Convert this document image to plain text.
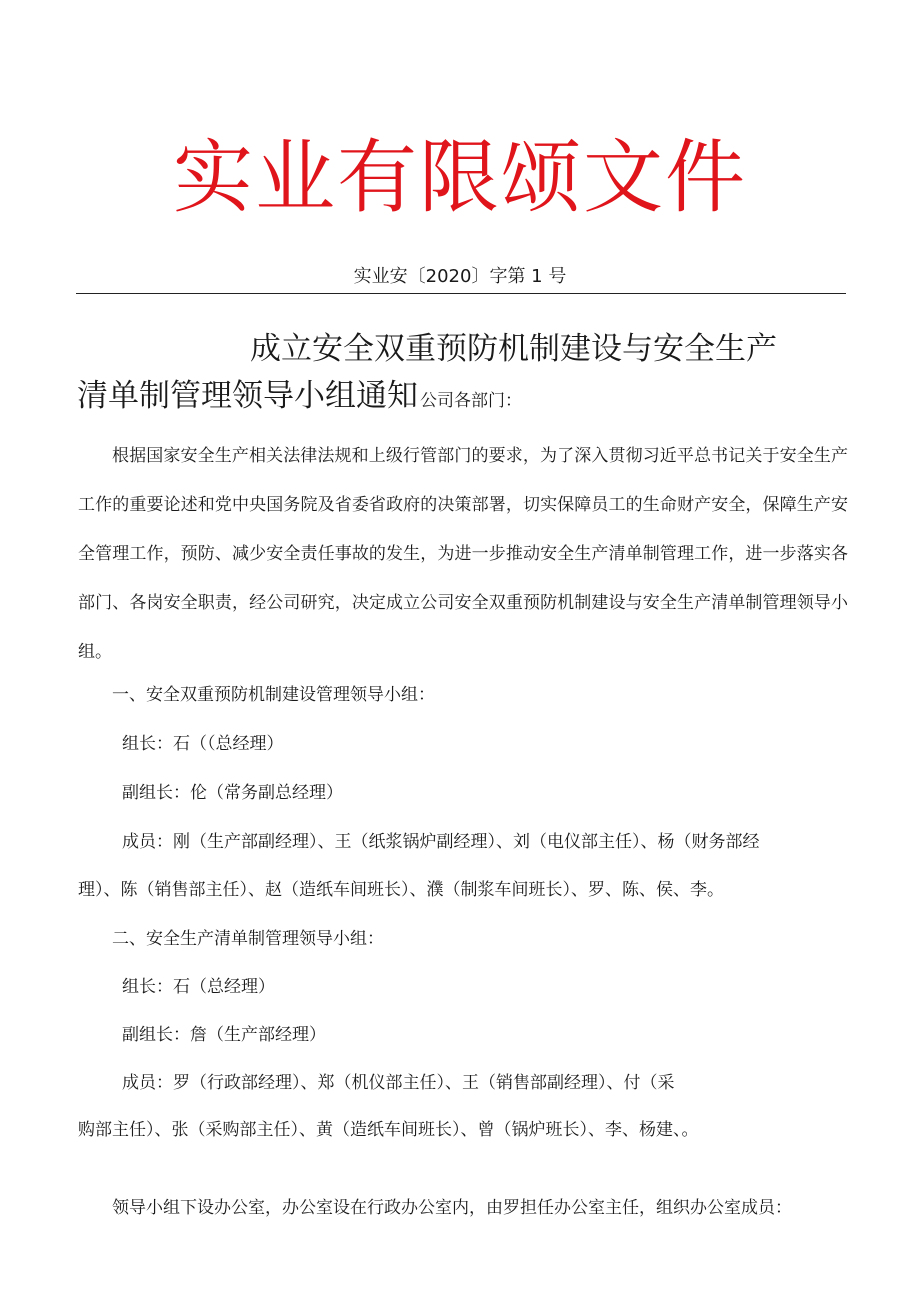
实业有限颂文件
实业安〔2020〕字第 1 号
成立安全双重预防机制建设与安全生产
清单制管理领导小组通知 公司各部门：

根据国家安全生产相关法律法规和上级行管部门的要求，为了深入贯彻习近平总书记关于安全生产工作的重要论述和党中央国务院及省委省政府的决策部署，切实保障员工的生命财产安全，保障生产安全管理工作，预防、减少安全责任事故的发生，为进一步推动安全生产清单制管理工作，进一步落实各部门、各岗安全职责，经公司研究，决定成立公司安全双重预防机制建设与安全生产清单制管理领导小组。

一、安全双重预防机制建设管理领导小组：
组长：石（（总经理）
副组长：伦（常务副总经理）
成员：刚（生产部副经理）、王（纸浆锅炉副经理）、刘（电仪部主任）、杨（财务部经
理）、陈（销售部主任）、赵（造纸车间班长）、濮（制浆车间班长）、罗、陈、侯、李。
二、安全生产清单制管理领导小组：
组长：石（总经理）
副组长：詹（生产部经理）
成员：罗（行政部经理）、郑（机仪部主任）、王（销售部副经理）、付（采
购部主任）、张（采购部主任）、黄（造纸车间班长）、曾（锅炉班长）、李、杨建、。
领导小组下设办公室，办公室设在行政办公室内，由罗担任办公室主任，组织办公室成员：
